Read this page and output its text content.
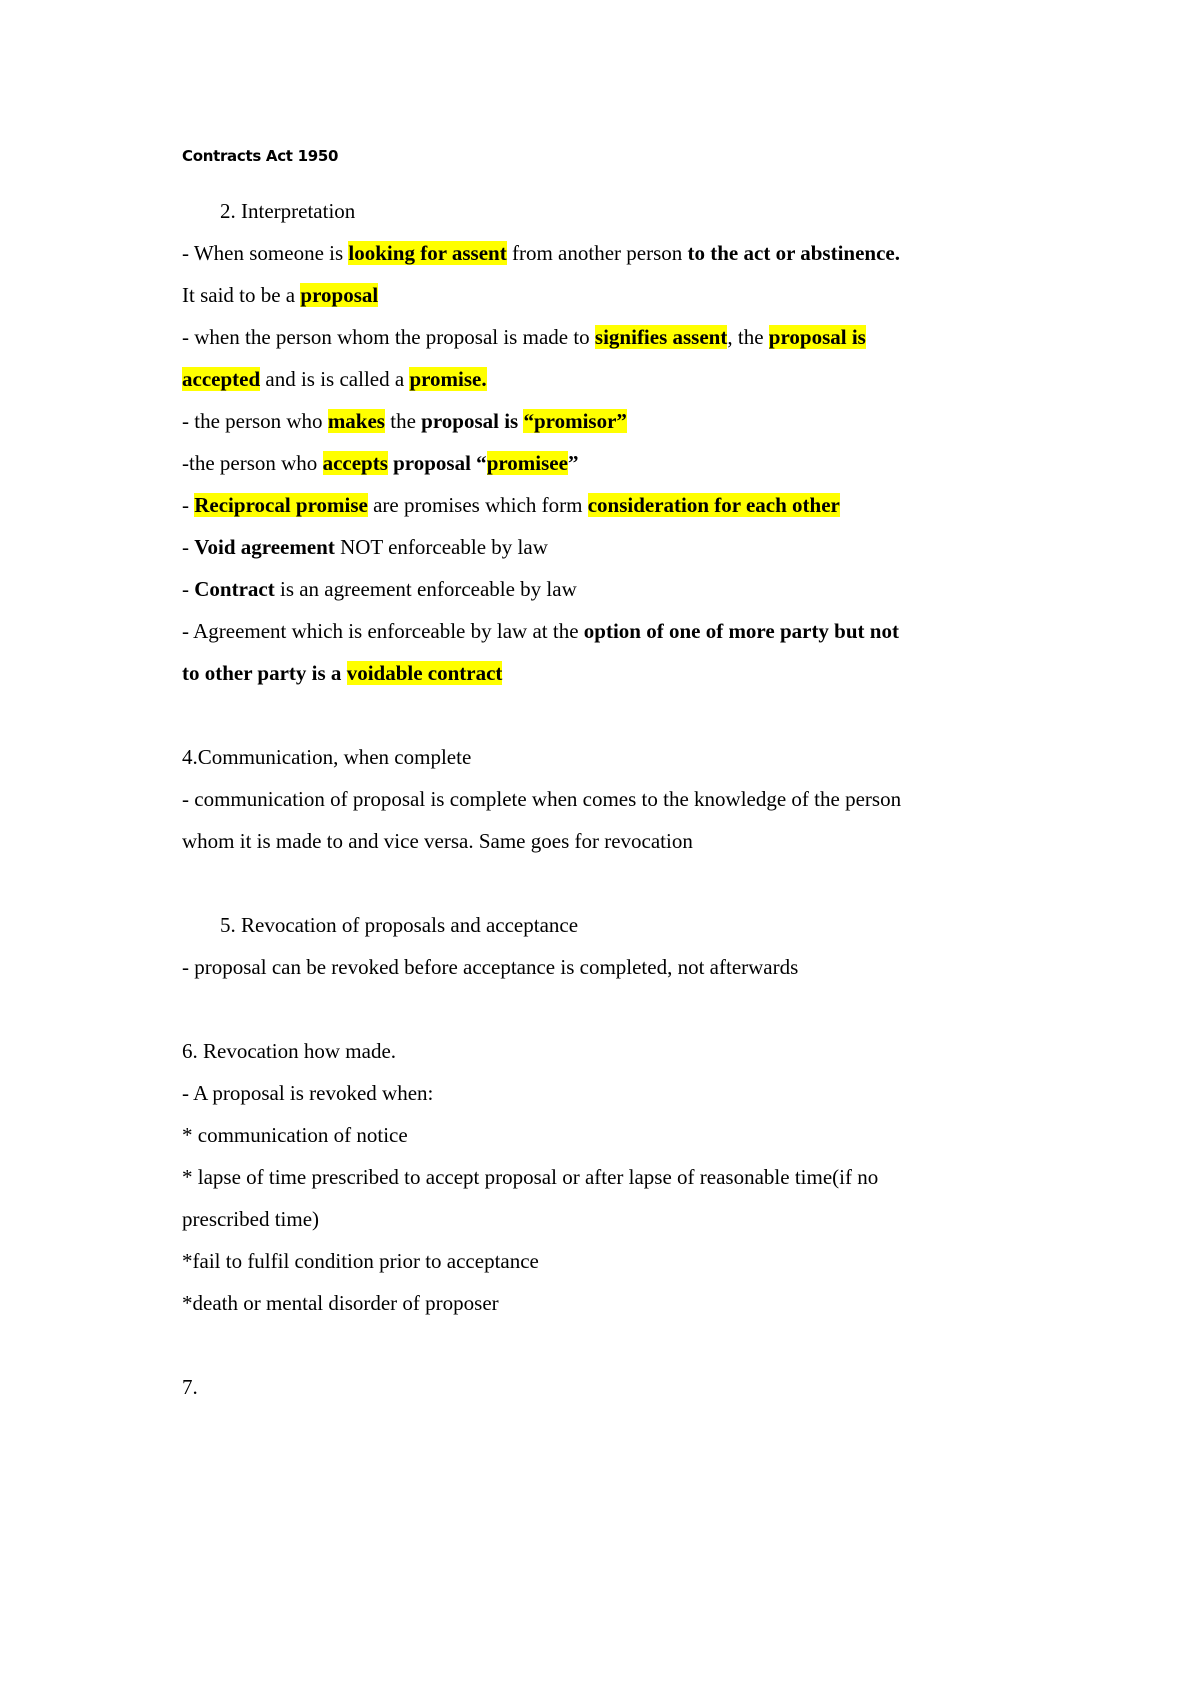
Contracts Act 1950
2. Interpretation
- When someone is looking for assent from another person to the act or abstinence.
It said to be a proposal
- when the person whom the proposal is made to signifies assent, the proposal is
accepted and is is called a promise.
- the person who makes the proposal is “promisor”
-the person who accepts proposal “promisee”
- Reciprocal promise are promises which form consideration for each other
- Void agreement NOT enforceable by law
- Contract is an agreement enforceable by law
- Agreement which is enforceable by law at the option of one of more party but not
to other party is a voidable contract
4.Communication, when complete
- communication of proposal is complete when comes to the knowledge of the person
whom it is made to and vice versa. Same goes for revocation
5. Revocation of proposals and acceptance
- proposal can be revoked before acceptance is completed, not afterwards
6. Revocation how made.
- A proposal is revoked when:
* communication of notice
* lapse of time prescribed to accept proposal or after lapse of reasonable time(if no
prescribed time)
*fail to fulfil condition prior to acceptance
*death or mental disorder of proposer
7.
